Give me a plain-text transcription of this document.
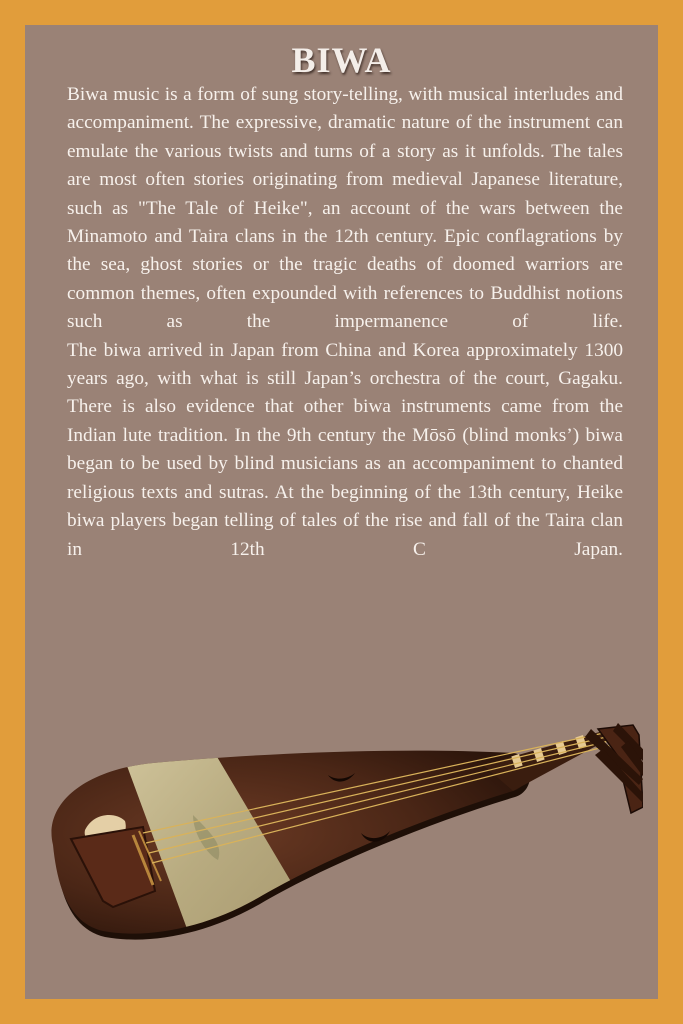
BIWA

Biwa music is a form of sung story-telling, with musical interludes and accompaniment. The expressive, dramatic nature of the instrument can emulate the various twists and turns of a story as it unfolds. The tales are most often stories originating from medieval Japanese literature, such as "The Tale of Heike", an account of the wars between the Minamoto and Taira clans in the 12th century. Epic conflagrations by the sea, ghost stories or the tragic deaths of doomed warriors are common themes, often expounded with references to Buddhist notions such as the impermanence of life.

The biwa arrived in Japan from China and Korea approximately 1300 years ago, with what is still Japan’s orchestra of the court, Gagaku. There is also evidence that other biwa instruments came from the Indian lute tradition. In the 9th century the Mōsō (blind monks’) biwa began to be used by blind musicians as an accompaniment to chanted religious texts and sutras. At the beginning of the 13th century, Heike biwa players began telling of tales of the rise and fall of the Taira clan in 12th C Japan.
